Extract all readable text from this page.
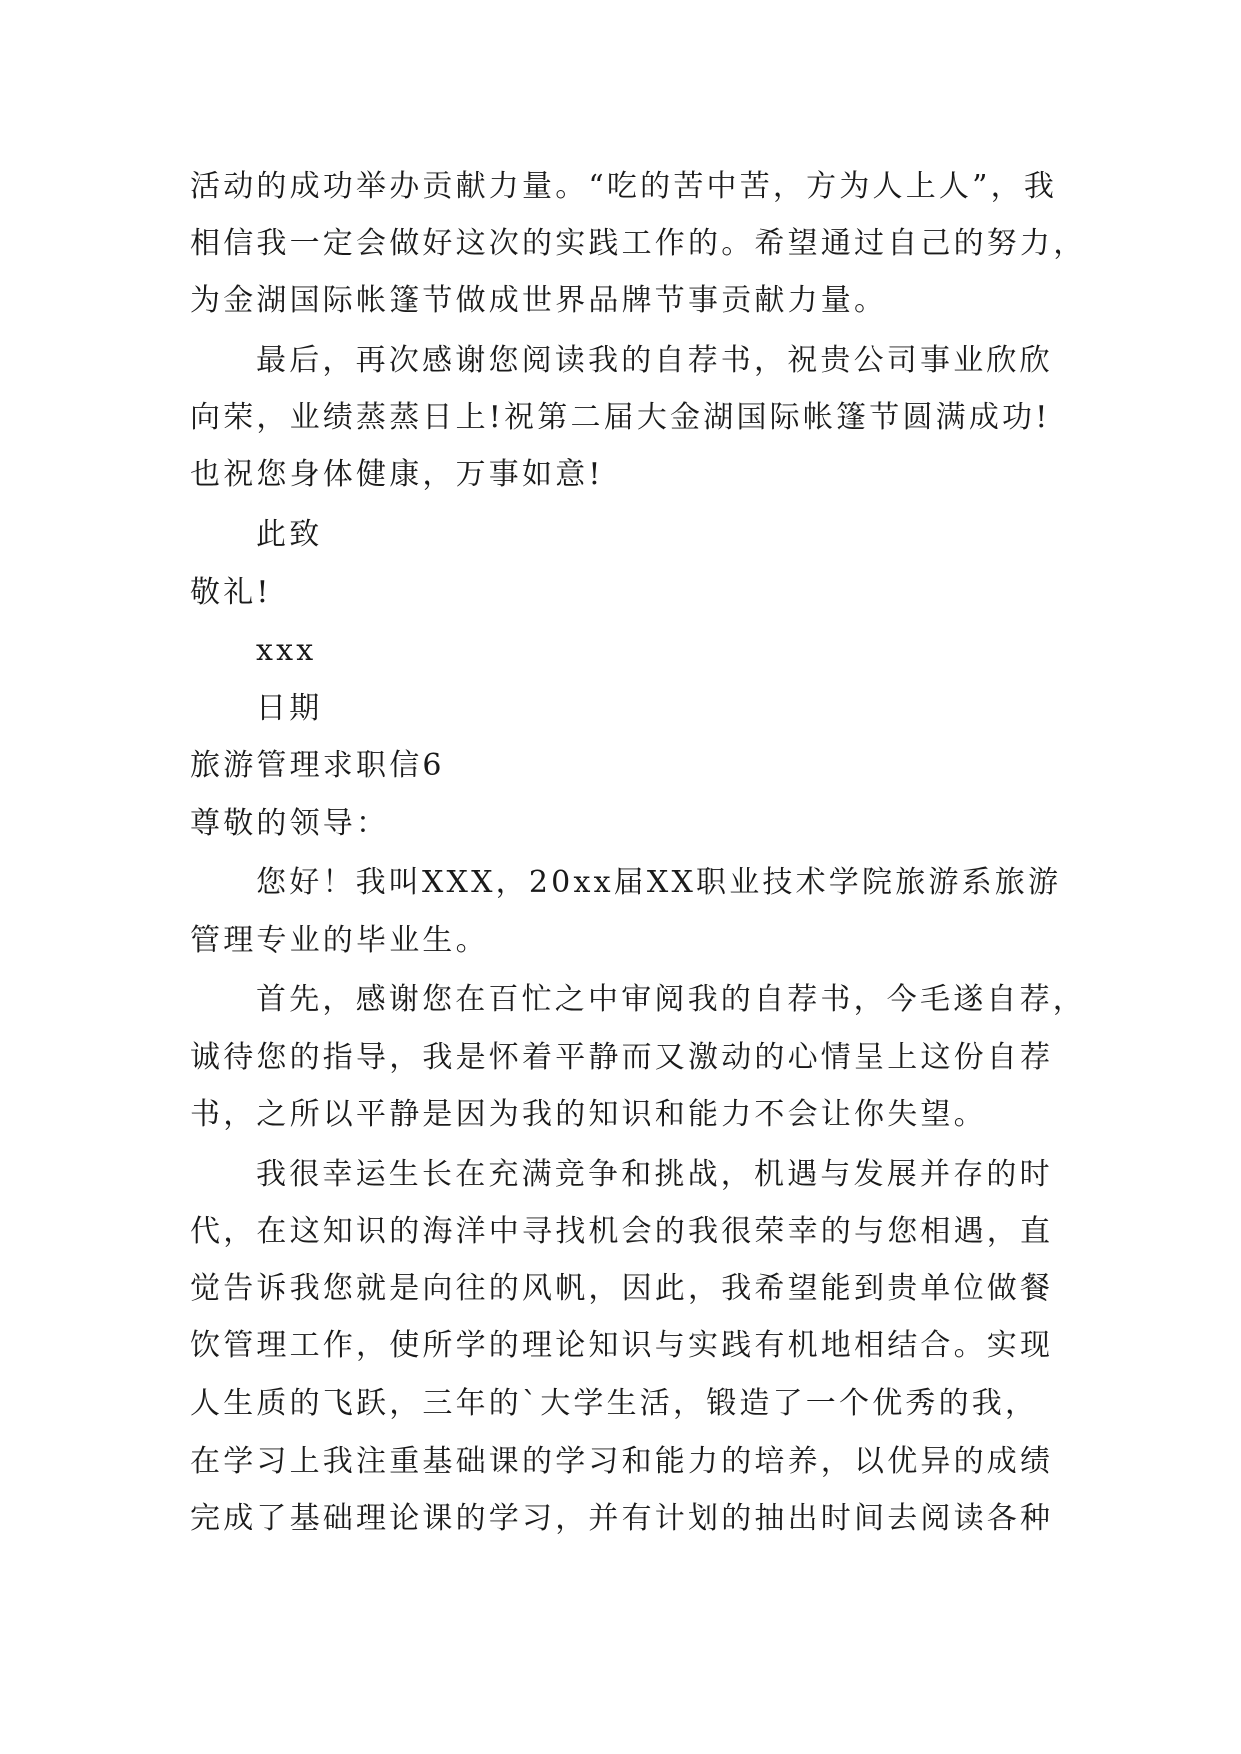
活动的成功举办贡献力量。“吃的苦中苦，方为人上人”，我
相信我一定会做好这次的实践工作的。希望通过自己的努力，
为金湖国际帐篷节做成世界品牌节事贡献力量。
最后，再次感谢您阅读我的自荐书，祝贵公司事业欣欣
向荣，业绩蒸蒸日上!祝第二届大金湖国际帐篷节圆满成功!
也祝您身体健康，万事如意!
此致
敬礼!
xxx
日期
旅游管理求职信6
尊敬的领导：
您好！我叫XXX，20xx届XX职业技术学院旅游系旅游
管理专业的毕业生。
首先，感谢您在百忙之中审阅我的自荐书，今毛遂自荐，
诚待您的指导，我是怀着平静而又激动的心情呈上这份自荐
书，之所以平静是因为我的知识和能力不会让你失望。
我很幸运生长在充满竞争和挑战，机遇与发展并存的时
代，在这知识的海洋中寻找机会的我很荣幸的与您相遇，直
觉告诉我您就是向往的风帆，因此，我希望能到贵单位做餐
饮管理工作，使所学的理论知识与实践有机地相结合。实现
人生质的飞跃，三年的`大学生活，锻造了一个优秀的我，
在学习上我注重基础课的学习和能力的培养，以优异的成绩
完成了基础理论课的学习，并有计划的抽出时间去阅读各种
